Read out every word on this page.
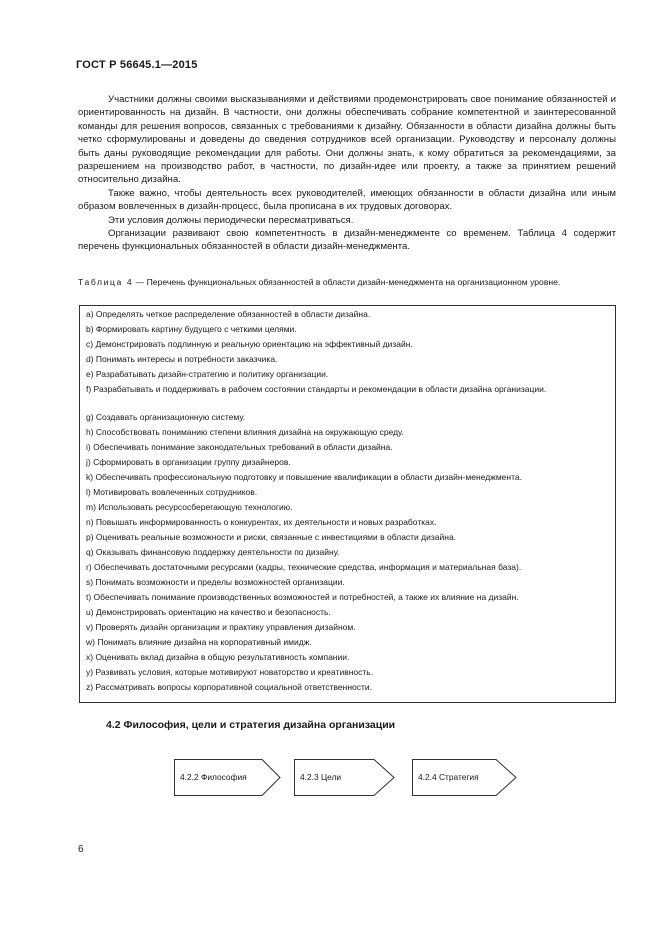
ГОСТ Р 56645.1—2015

Участники должны своими высказываниями и действиями продемонстрировать свое понимание обязанностей и ориентированность на дизайн. В частности, они должны обеспечивать собрание компетентной и заинтересованной команды для решения вопросов, связанных с требованиями к дизайну. Обязанности в области дизайна должны быть четко сформулированы и доведены до сведения сотрудников всей организации. Руководству и персоналу должны быть даны руководящие рекомендации для работы. Они должны знать, к кому обратиться за рекомендациями, за разрешением на производство работ, в частности, по дизайн-идее или проекту, а также за принятием решений относительно дизайна.

Также важно, чтобы деятельность всех руководителей, имеющих обязанности в области дизайна или иным образом вовлеченных в дизайн-процесс, была прописана в их трудовых договорах.

Эти условия должны периодически пересматриваться.

Организации развивают свою компетентность в дизайн-менеджменте со временем. Таблица 4 содержит перечень функциональных обязанностей в области дизайн-менеджмента.

Таблица 4 — Перечень функциональных обязанностей в области дизайн-менеджмента на организационном уровне.
a) Определять четкое распределение обязанностей в области дизайна.
b) Формировать картину будущего с четкими целями.
c) Демонстрировать подлинную и реальную ориентацию на эффективный дизайн.
d) Понимать интересы и потребности заказчика.
e) Разрабатывать дизайн-стратегию и политику организации.
f) Разрабатывать и поддерживать в рабочем состоянии стандарты и рекомендации в области дизайна организации.
g) Создавать организационную систему.
h) Способствовать пониманию степени влияния дизайна на окружающую среду.
i) Обеспечивать понимание законодательных требований в области дизайна.
j) Сформировать в организации группу дизайнеров.
k) Обеспечивать профессиональную подготовку и повышение квалификации в области дизайн-менеджмента.
l) Мотивировать вовлеченных сотрудников.
m) Использовать ресурсосберегающую технологию.
n) Повышать информированность о конкурентах, их деятельности и новых разработках.
p) Оценивать реальные возможности и риски, связанные с инвестициями в области дизайна.
q) Оказывать финансовую поддержку деятельности по дизайну.
r) Обеспечивать достаточными ресурсами (кадры, технические средства, информация и материальная база).
s) Понимать возможности и пределы возможностей организации.
t) Обеспечивать понимание производственных возможностей и потребностей, а также их влияние на дизайн.
u) Демонстрировать ориентацию на качество и безопасность.
v) Проверять дизайн организации и практику управления дизайном.
w) Понимать влияние дизайна на корпоративный имидж.
x) Оценивать вклад дизайна в общую результативность компании.
y) Развивать условия, которые мотивируют новаторство и креативность.
z) Рассматривать вопросы корпоративной социальной ответственности.
4.2 Философия, цели и стратегия дизайна организации
4.2.2 Философия	4.2.3 Цели	4.2.4 Стратегия
6
